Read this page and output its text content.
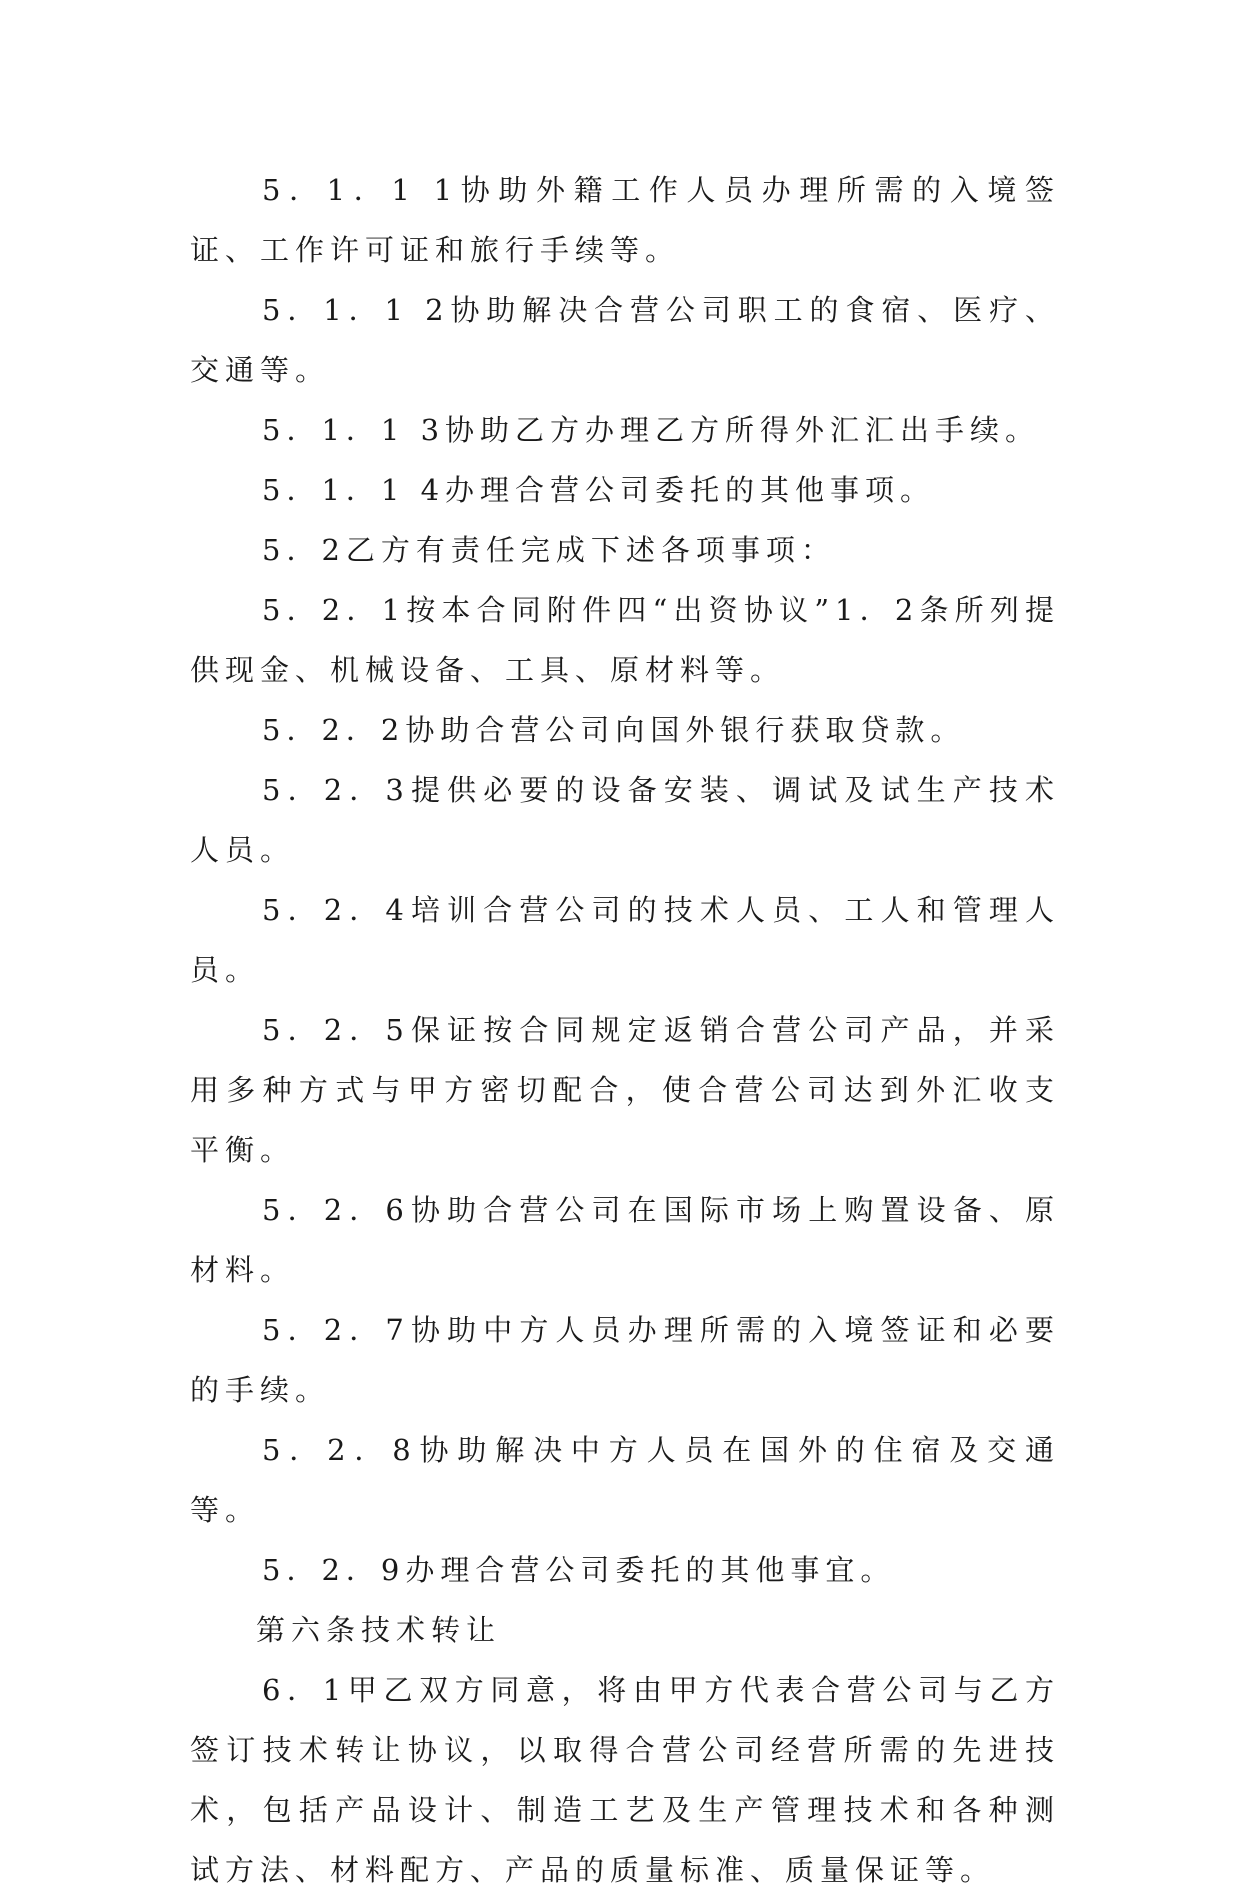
5．1．1 1协助外籍工作人员办理所需的入境签证、工作许可证和旅行手续等。

5．1．1 2协助解决合营公司职工的食宿、医疗、交通等。

5．1．1 3协助乙方办理乙方所得外汇汇出手续。

5．1．1 4办理合营公司委托的其他事项。

5．2乙方有责任完成下述各项事项：

5．2．1按本合同附件四“出资协议”1．2条所列提供现金、机械设备、工具、原材料等。

5．2．2协助合营公司向国外银行获取贷款。

5．2．3提供必要的设备安装、调试及试生产技术人员。

5．2．4培训合营公司的技术人员、工人和管理人员。

5．2．5保证按合同规定返销合营公司产品，并采用多种方式与甲方密切配合，使合营公司达到外汇收支平衡。

5．2．6协助合营公司在国际市场上购置设备、原材料。

5．2．7协助中方人员办理所需的入境签证和必要的手续。

5．2．8协助解决中方人员在国外的住宿及交通等。

5．2．9办理合营公司委托的其他事宜。

第六条技术转让

6．1甲乙双方同意，将由甲方代表合营公司与乙方签订技术转让协议，以取得合营公司经营所需的先进技术，包括产品设计、制造工艺及生产管理技术和各种测试方法、材料配方、产品的质量标准、质量保证等。
